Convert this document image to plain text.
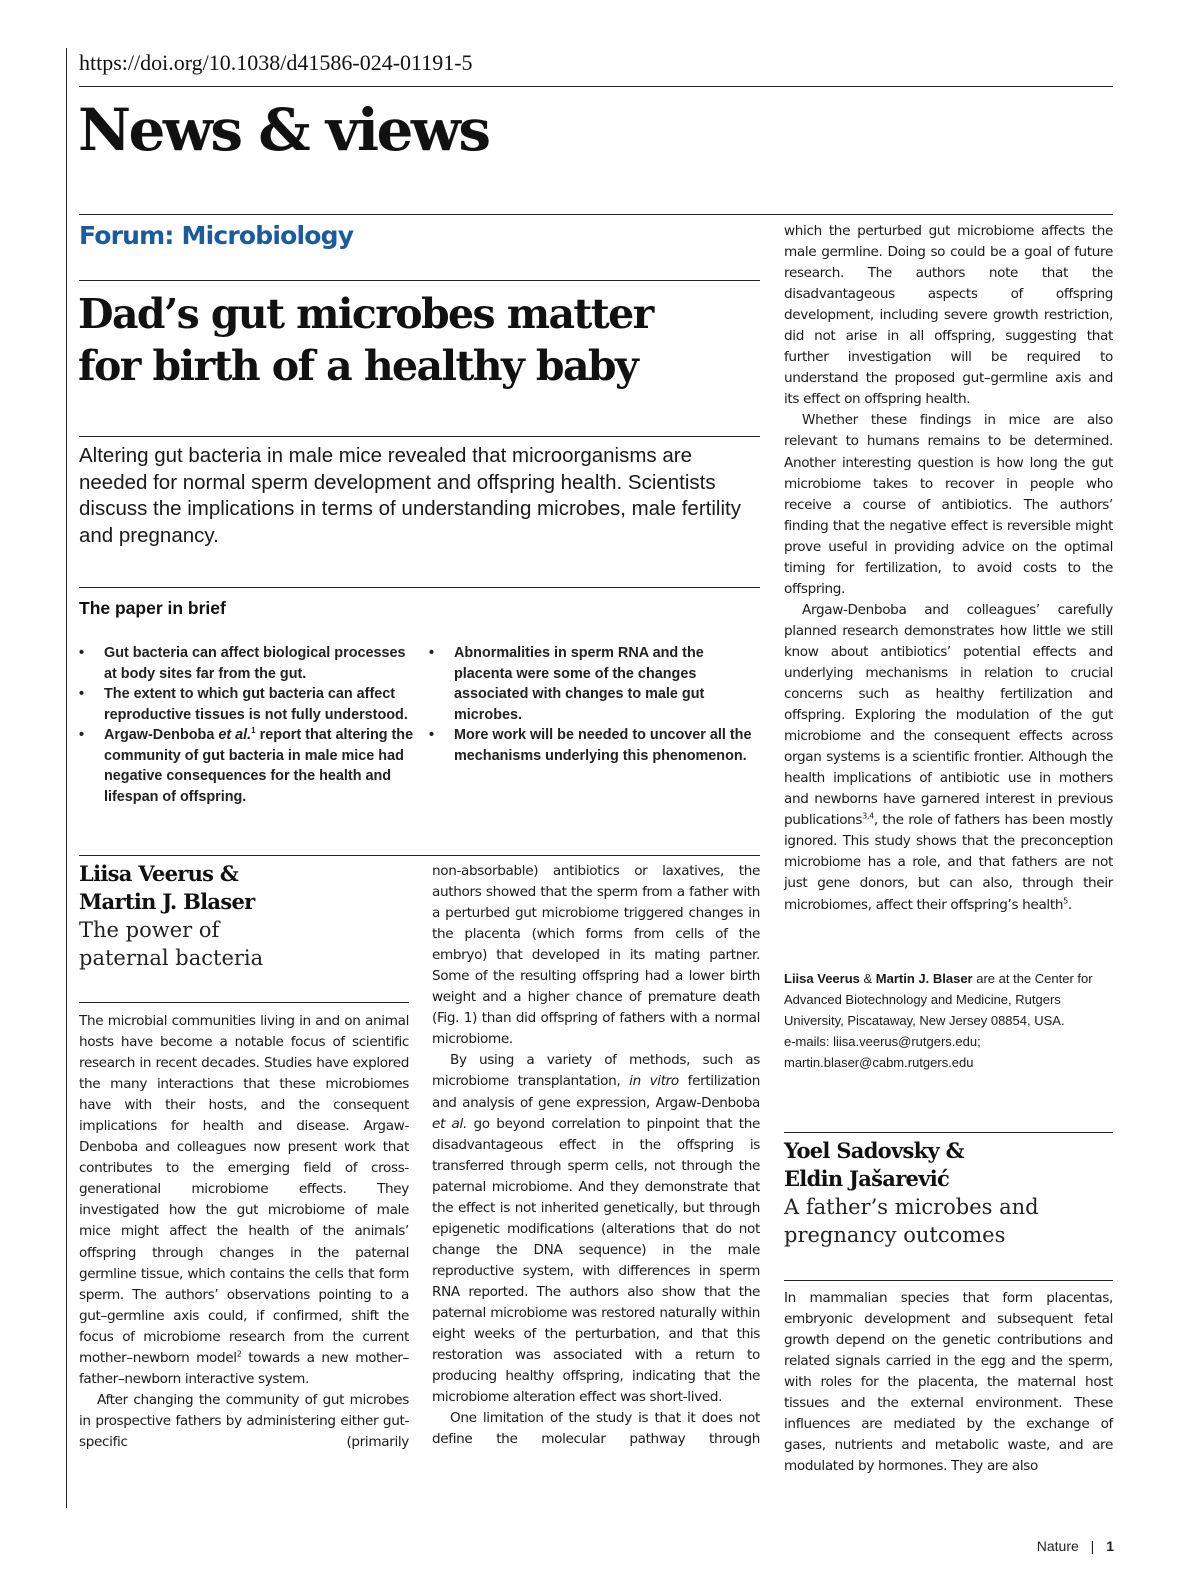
https://doi.org/10.1038/d41586-024-01191-5
News & views
Forum: Microbiology
Dad’s gut microbes matter
for birth of a healthy baby
Altering gut bacteria in male mice revealed that microorganisms are needed for normal sperm development and offspring health. Scientists discuss the implications in terms of understanding microbes, male fertility and pregnancy.
The paper in brief
• Gut bacteria can affect biological processes at body sites far from the gut.
• The extent to which gut bacteria can affect reproductive tissues is not fully understood.
• Argaw-Denboba et al.$^1$ report that altering the community of gut bacteria in male mice had negative consequences for the health and lifespan of offspring.
• Abnormalities in sperm RNA and the placenta were some of the changes associated with changes to male gut microbes.
• More work will be needed to uncover all the mechanisms underlying this phenomenon.
Liisa Veerus &
Martin J. Blaser
The power of
paternal bacteria

The microbial communities living in and on animal hosts have become a notable focus of scientific research in recent decades. Studies have explored the many interactions that these microbiomes have with their hosts, and the consequent implications for health and disease. Argaw-Denboba and colleagues now present work that contributes to the emerging field of cross-generational microbiome effects. They investigated how the gut microbiome of male mice might affect the health of the animals’ offspring through changes in the paternal germline tissue, which contains the cells that form sperm. The authors’ observations pointing to a gut–germline axis could, if confirmed, shift the focus of microbiome research from the current mother–newborn model$^2$ towards a new mother–father–newborn interactive system.

After changing the community of gut microbes in prospective fathers by administering either gut-specific (primarily

non-absorbable) antibiotics or laxatives, the authors showed that the sperm from a father with a perturbed gut microbiome triggered changes in the placenta (which forms from cells of the embryo) that developed in its mating partner. Some of the resulting offspring had a lower birth weight and a higher chance of premature death (Fig. 1) than did offspring of fathers with a normal microbiome.

By using a variety of methods, such as microbiome transplantation, in vitro fertilization and analysis of gene expression, Argaw-Denboba et al. go beyond correlation to pinpoint that the disadvantageous effect in the offspring is transferred through sperm cells, not through the paternal microbiome. And they demonstrate that the effect is not inherited genetically, but through epigenetic modifications (alterations that do not change the DNA sequence) in the male reproductive system, with differences in sperm RNA reported. The authors also show that the paternal microbiome was restored naturally within eight weeks of the perturbation, and that this restoration was associated with a return to producing healthy offspring, indicating that the microbiome alteration effect was short-lived.

One limitation of the study is that it does not define the molecular pathway through

which the perturbed gut microbiome affects the male germline. Doing so could be a goal of future research. The authors note that the disadvantageous aspects of offspring development, including severe growth restriction, did not arise in all offspring, suggesting that further investigation will be required to understand the proposed gut–germline axis and its effect on offspring health.

Whether these findings in mice are also relevant to humans remains to be determined. Another interesting question is how long the gut microbiome takes to recover in people who receive a course of antibiotics. The authors’ finding that the negative effect is reversible might prove useful in providing advice on the optimal timing for fertilization, to avoid costs to the offspring.

Argaw-Denboba and colleagues’ carefully planned research demonstrates how little we still know about antibiotics’ potential effects and underlying mechanisms in relation to crucial concerns such as healthy fertilization and offspring. Exploring the modulation of the gut microbiome and the consequent effects across organ systems is a scientific frontier. Although the health implications of antibiotic use in mothers and newborns have garnered interest in previous publications$^{3,4}$, the role of fathers has been mostly ignored. This study shows that the preconception microbiome has a role, and that fathers are not just gene donors, but can also, through their microbiomes, affect their offspring’s health$^5$.

Liisa Veerus & Martin J. Blaser are at the Center for Advanced Biotechnology and Medicine, Rutgers University, Piscataway, New Jersey 08854, USA.
e-mails: liisa.veerus@rutgers.edu; martin.blaser@cabm.rutgers.edu
Yoel Sadovsky &
Eldin Jašarević
A father’s microbes and
pregnancy outcomes

In mammalian species that form placentas, embryonic development and subsequent fetal growth depend on the genetic contributions and related signals carried in the egg and the sperm, with roles for the placenta, the maternal host tissues and the external environment. These influences are mediated by the exchange of gases, nutrients and metabolic waste, and are modulated by hormones. They are also

Nature | 1
